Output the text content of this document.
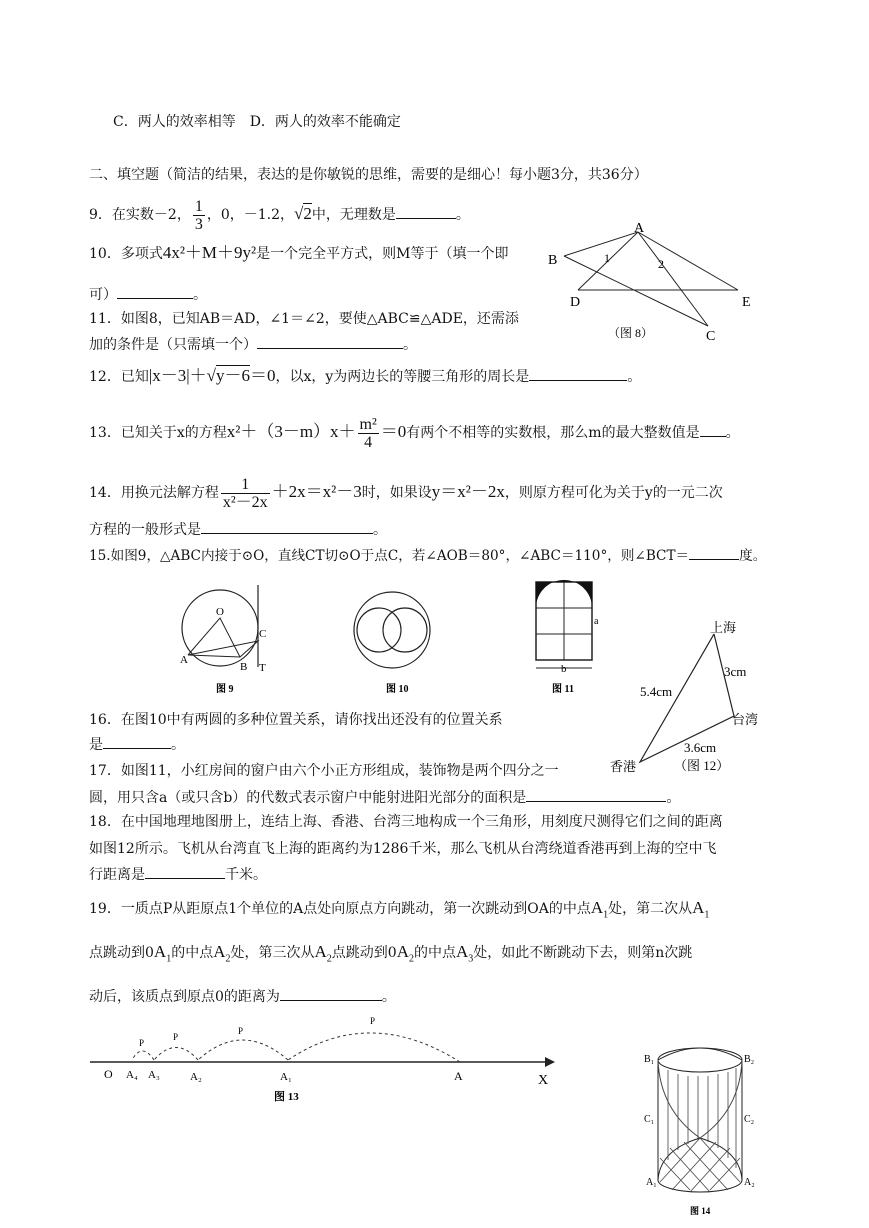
C．两人的效率相等　D．两人的效率不能确定
二、填空题（简洁的结果，表达的是你敏锐的思维，需要的是细心！每小题3分，共36分）
9．在实数－2， $\frac{1}{3}$ ，0，－1.2，√2中，无理数是	。
10．多项式4x²＋M＋9y²是一个完全平方式，则M等于（填一个即
可）	。
11．如图8，已知AB＝AD，∠1＝∠2，要使△ABC≌△ADE，还需添
加的条件是（只需填一个）	。
12．已知|x－3|＋√y－6＝0，以x，y为两边长的等腰三角形的周长是	。
13．已知关于x的方程$x^2+(3-m)x+ \frac{\text{m²}}{4} =0$有两个不相等的实数根，那么m的最大整数值是 。
14．用换元法解方程 $\frac{1}{\text{x²－2x}} +2x=x^2-3$时，如果设y＝x²－2x，则原方程可化为关于y的一元二次
方程的一般形式是	。
15.如图9，△ABC内接于⊙O，直线CT切⊙O于点C，若∠AOB＝80°，∠ABC＝110°，则∠BCT＝	度。
O
A
B
C
T
图 9	图 10
b
a
图 11
A
B
D	E
C
1	2
（图 8）
上海
香港
台湾
5.4cm
3cm
3.6cm
（图 12）
16．在图10中有两圆的多种位置关系，请你找出还没有的位置关系
是	。
17．如图11，小红房间的窗户由六个小正方形组成，装饰物是两个四分之一
圆，用只含a（或只含b）的代数式表示窗户中能射进阳光部分的面积是	。
18．在中国地理地图册上，连结上海、香港、台湾三地构成一个三角形，用刻度尺测得它们之间的距离
如图12所示。飞机从台湾直飞上海的距离约为1286千米，那么飞机从台湾绕道香港再到上海的空中飞
行距离是	千米。
19．一质点P从距原点1个单位的A点处向原点方向跳动，第一次跳动到OA的中点$A_1$处，第二次从$A_1$
点跳动到$0A_1$的中点$A_2$处，第三次从$A_2$点跳动到$0A_2$的中点$A_3$处，如此不断跳动下去，则第n次跳
动后，该质点到原点0的距离为	。
P
P
P
P
O A₄ A₃	A₂	A₁	A	X
图 13
B₁	B₂
C₁	C₂
A₁	A₂
图 14
